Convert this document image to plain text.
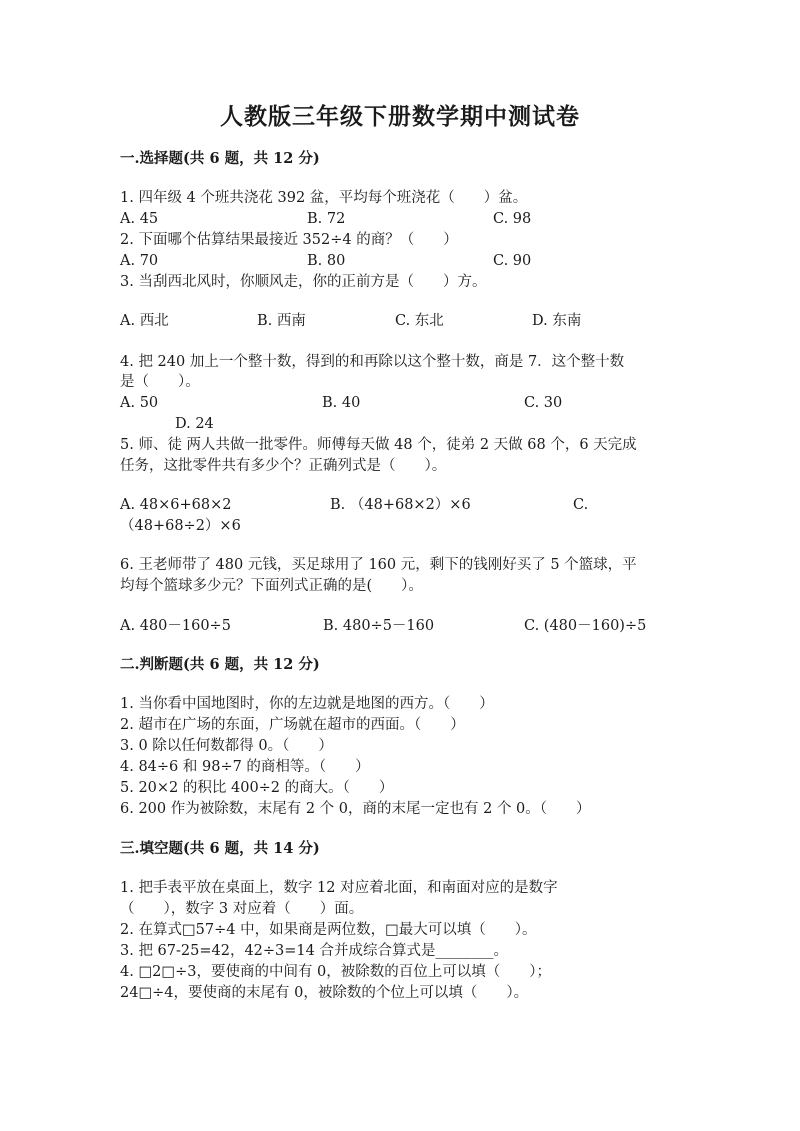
人教版三年级下册数学期中测试卷
一.选择题(共 6 题，共 12 分)
1. 四年级 4 个班共浇花 392 盆，平均每个班浇花（　　）盆。
A. 45	B. 72	C. 98
2. 下面哪个估算结果最接近 352÷4 的商？（　　）
A. 70	B. 80	C. 90
3. 当刮西北风时，你顺风走，你的正前方是（　　）方。
A. 西北	B. 西南	C. 东北	D. 东南
4. 把 240 加上一个整十数，得到的和再除以这个整十数，商是 7．这个整十数
是（　　）。
A. 50	B. 40	C. 30
D. 24
5. 师、徒 两人共做一批零件。师傅每天做 48 个，徒弟 2 天做 68 个，6 天完成
任务，这批零件共有多少个？正确列式是（　　）。
A. 48×6+68×2	B. （48+68×2）×6	C.
（48+68÷2）×6
6. 王老师带了 480 元钱，买足球用了 160 元，剩下的钱刚好买了 5 个篮球，平
均每个篮球多少元？下面列式正确的是(　　）。
A. 480－160÷5	B. 480÷5－160	C. (480－160)÷5
二.判断题(共 6 题，共 12 分)
1. 当你看中国地图时，你的左边就是地图的西方。（　　）
2. 超市在广场的东面，广场就在超市的西面。（　　）
3. 0 除以任何数都得 0。（　　）
4. 84÷6 和 98÷7 的商相等。（　　）
5. 20×2 的积比 400÷2 的商大。（　　）
6. 200 作为被除数，末尾有 2 个 0，商的末尾一定也有 2 个 0。（　　）
三.填空题(共 6 题，共 14 分)
1. 把手表平放在桌面上，数字 12 对应着北面，和南面对应的是数字
（　　），数字 3 对应着（　　）面。
2. 在算式□57÷4 中，如果商是两位数，□最大可以填（　　）。
3. 把 67-25=42，42÷3=14 合并成综合算式是________。
4. □2□÷3，要使商的中间有 0，被除数的百位上可以填（　　）；
24□÷4，要使商的末尾有 0，被除数的个位上可以填（　　）。
